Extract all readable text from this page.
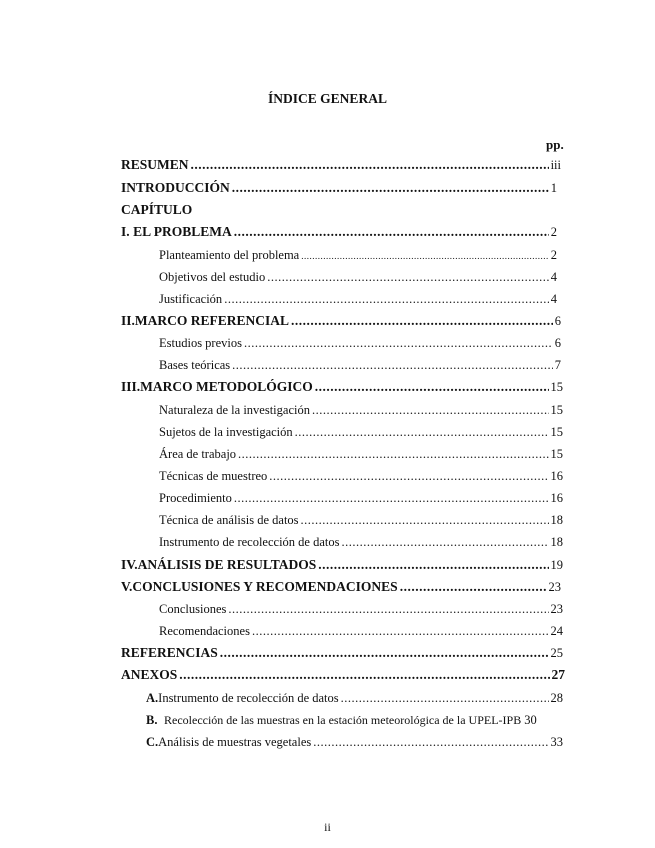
ÍNDICE GENERAL
pp.
RESUMEN .....	iii
INTRODUCCIÓN .....	1
CAPÍTULO
I. EL PROBLEMA .....	2
Planteamiento del problema .....	2
Objetivos del estudio .....	4
Justificación .....	4
II. MARCO REFERENCIAL .....	6
Estudios previos .....	6
Bases teóricas .....	7
III. MARCO METODOLÓGICO .....	15
Naturaleza de la investigación .....	15
Sujetos de la investigación .....	15
Área de trabajo .....	15
Técnicas de muestreo .....	16
Procedimiento .....	16
Técnica de análisis de datos .....	18
Instrumento de recolección de datos .....	18
IV. ANÁLISIS DE RESULTADOS .....	19
V. CONCLUSIONES Y RECOMENDACIONES .....	23
Conclusiones .....	23
Recomendaciones .....	24
REFERENCIAS .....	25
ANEXOS .....	27
A. Instrumento de recolección de datos .....	28
B. Recolección de las muestras en la estación meteorológica de la UPEL-IPB 30
C. Análisis de muestras vegetales .....	33
ii
